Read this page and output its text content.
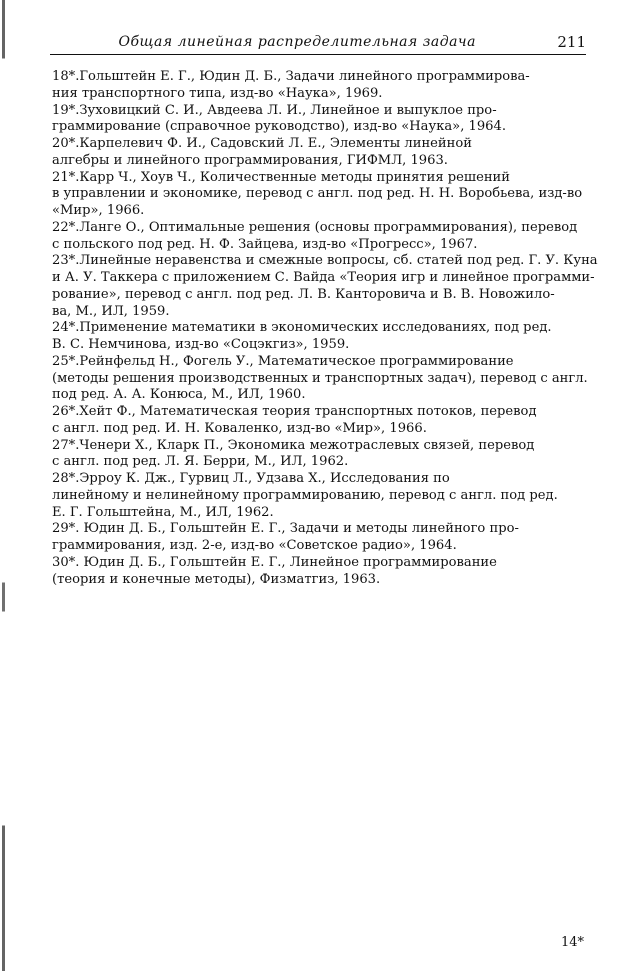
Общая линейная распределительная задача	211
18*.Гольштейн Е. Г., Юдин Д. Б., Задачи линейного программирова-
ния транспортного типа, изд-во «Наука», 1969.
19*.Зуховицкий С. И., Авдеева Л. И., Линейное и выпуклое про-
граммирование (справочное руководство), изд-во «Наука», 1964.
20*.Карпелевич Ф. И., Садовский Л. Е., Элементы линейной
алгебры и линейного программирования, ГИФМЛ, 1963.
21*.Карр Ч., Хоув Ч., Количественные методы принятия решений
в управлении и экономике, перевод с англ. под ред. Н. Н. Воробьева, изд-во
«Мир», 1966.
22*.Ланге О., Оптимальные решения (основы программирования), перевод
с польского под ред. Н. Ф. Зайцева, изд-во «Прогресс», 1967.
23*.Линейные неравенства и смежные вопросы, сб. статей под ред. Г. У. Куна
и А. У. Таккера с приложением С. Вайда «Теория игр и линейное программи-
рование», перевод с англ. под ред. Л. В. Канторовича и В. В. Новожило-
ва, М., ИЛ, 1959.
24*.Применение математики в экономических исследованиях, под ред.
В. С. Немчинова, изд-во «Соцэкгиз», 1959.
25*.Рейнфельд Н., Фогель У., Математическое программирование
(методы решения производственных и транспортных задач), перевод с англ.
под ред. А. А. Конюса, М., ИЛ, 1960.
26*.Хейт Ф., Математическая теория транспортных потоков, перевод
с англ. под ред. И. Н. Коваленко, изд-во «Мир», 1966.
27*.Ченери Х., Кларк П., Экономика межотраслевых связей, перевод
с англ. под ред. Л. Я. Берри, М., ИЛ, 1962.
28*.Эрроу К. Дж., Гурвиц Л., Удзава Х., Исследования по
линейному и нелинейному программированию, перевод с англ. под ред.
Е. Г. Гольштейна, М., ИЛ, 1962.
29*. Юдин Д. Б., Гольштейн Е. Г., Задачи и методы линейного про-
граммирования, изд. 2-е, изд-во «Советское радио», 1964.
30*. Юдин Д. Б., Гольштейн Е. Г., Линейное программирование
(теория и конечные методы), Физматгиз, 1963.
14*
